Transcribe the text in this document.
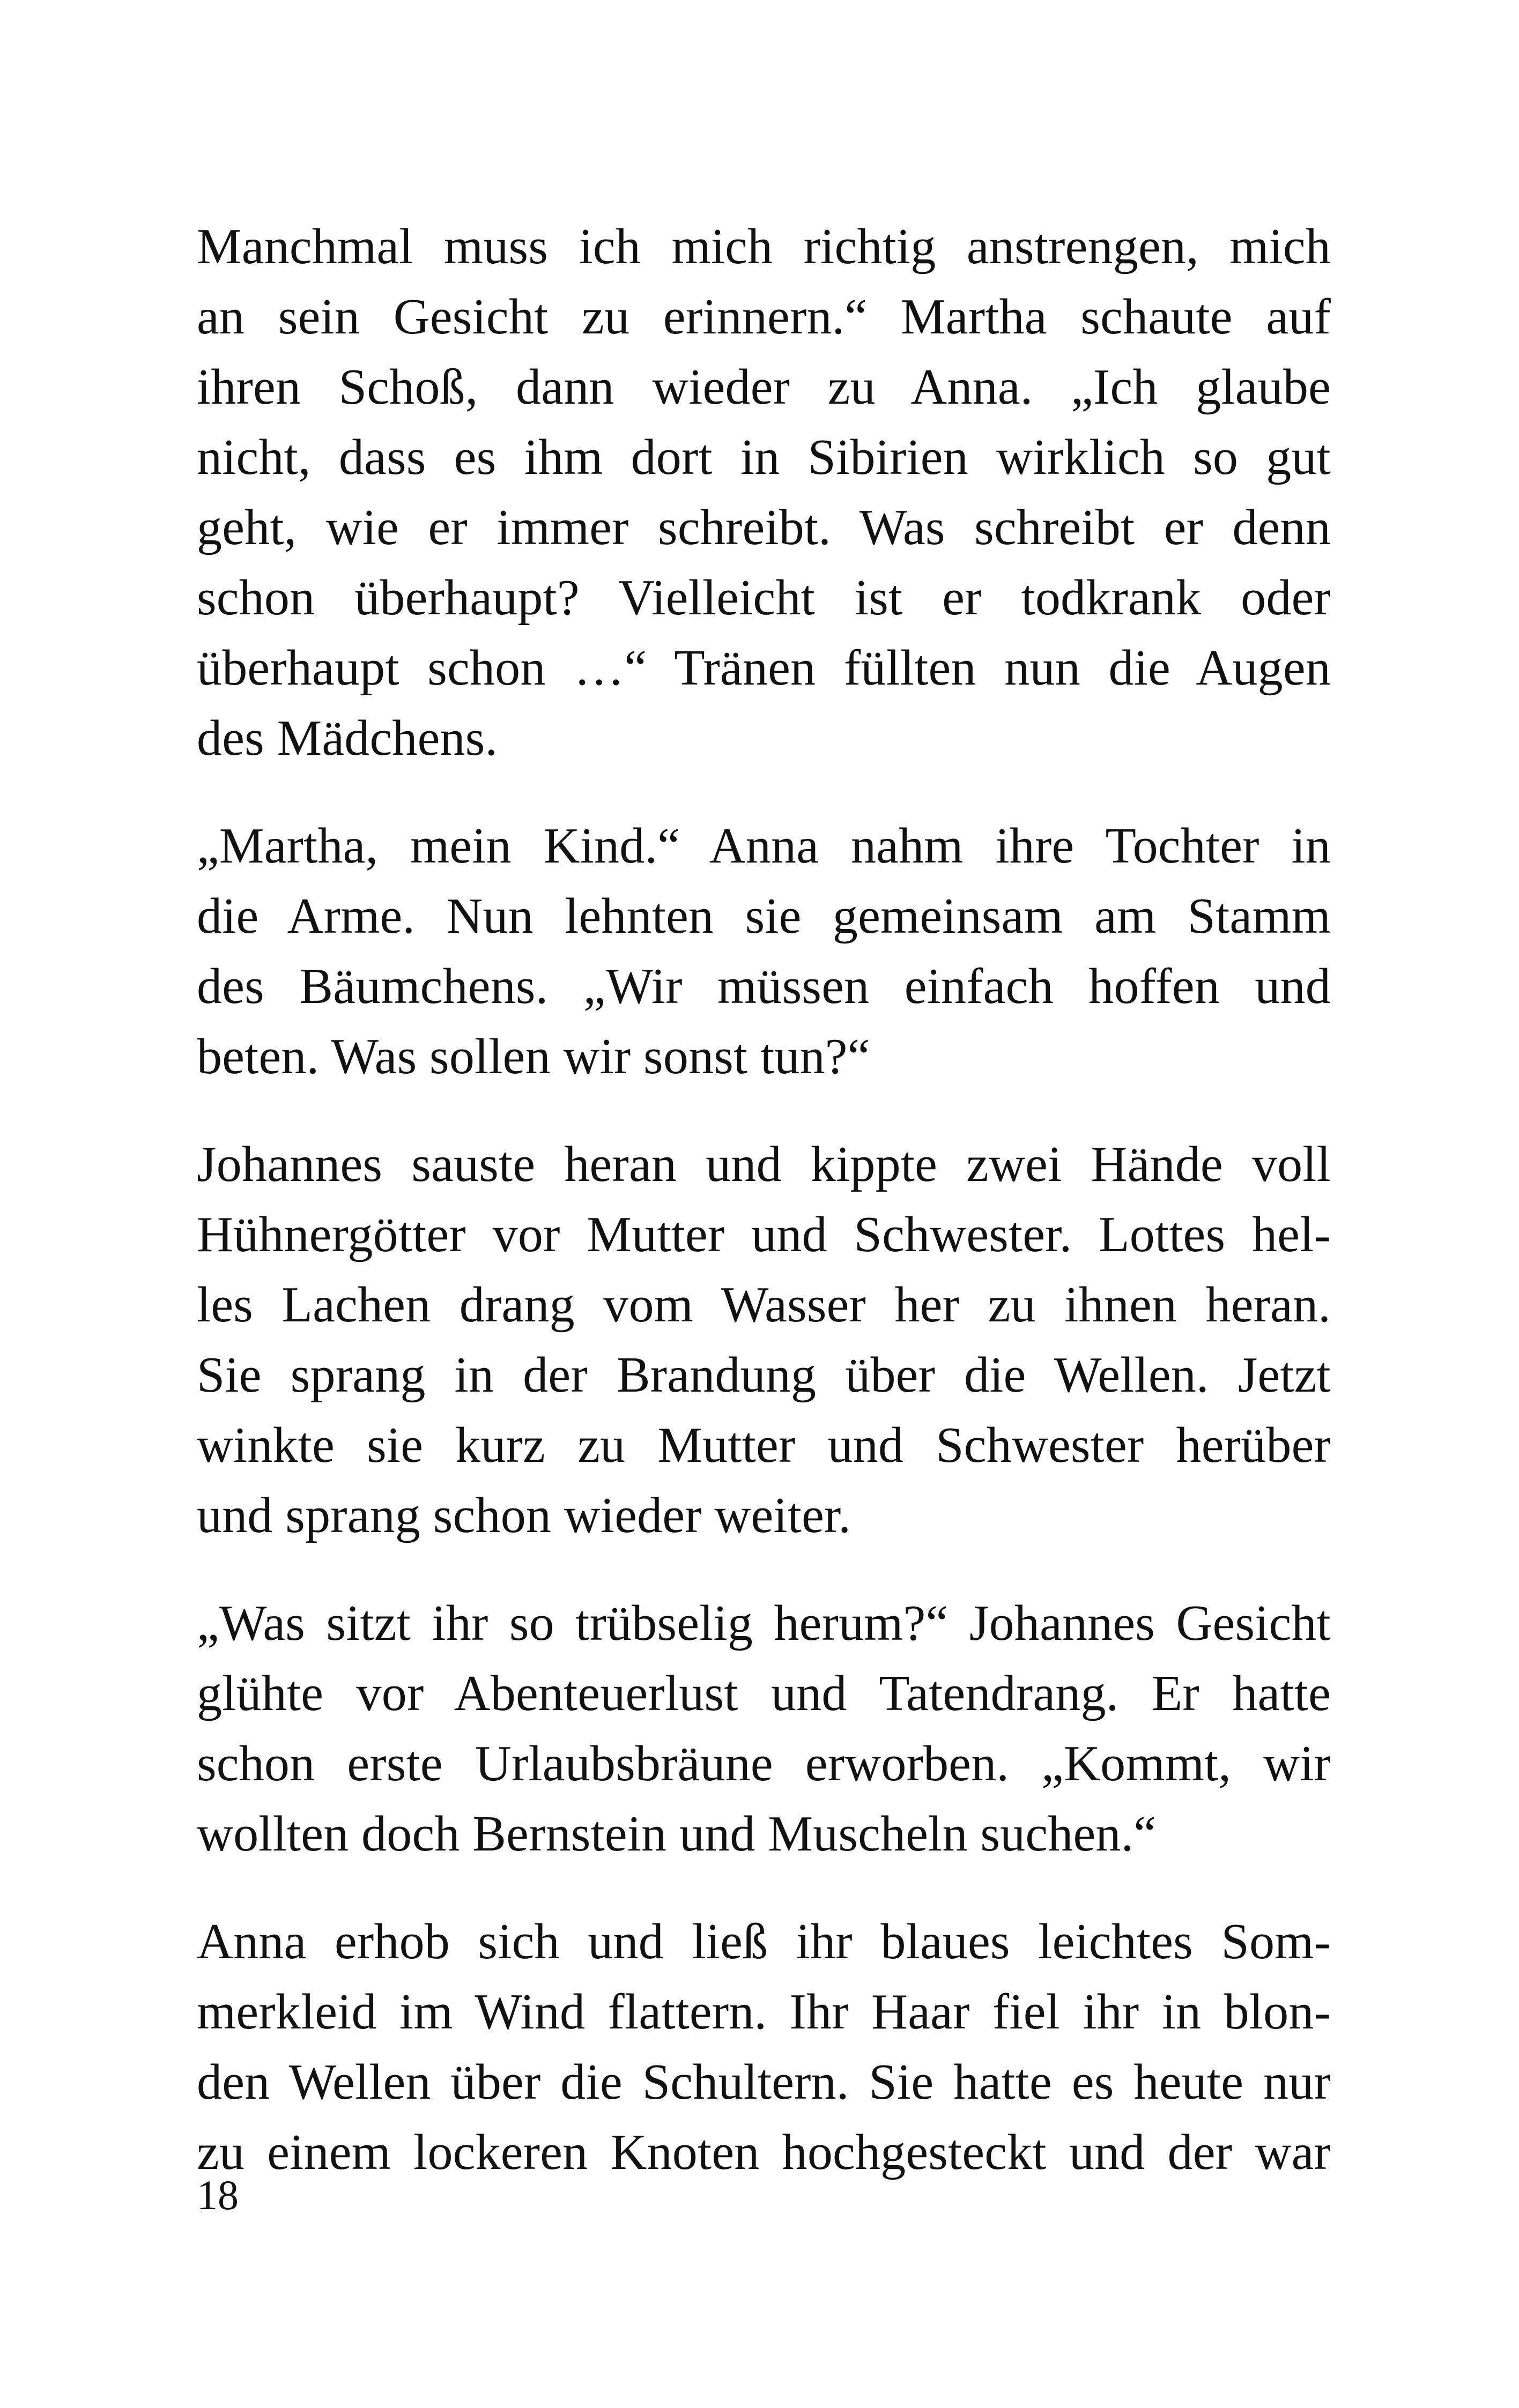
Manchmal muss ich mich richtig anstrengen, mich
an sein Gesicht zu erinnern.“ Martha schaute auf
ihren Schoß, dann wieder zu Anna. „Ich glaube
nicht, dass es ihm dort in Sibirien wirklich so gut
geht, wie er immer schreibt. Was schreibt er denn
schon überhaupt? Vielleicht ist er todkrank oder
überhaupt schon …“ Tränen füllten nun die Augen
des Mädchens.

„Martha, mein Kind.“ Anna nahm ihre Tochter in
die Arme. Nun lehnten sie gemeinsam am Stamm
des Bäumchens. „Wir müssen einfach hoffen und
beten. Was sollen wir sonst tun?“

Johannes sauste heran und kippte zwei Hände voll
Hühnergötter vor Mutter und Schwester. Lottes hel-
les Lachen drang vom Wasser her zu ihnen heran.
Sie sprang in der Brandung über die Wellen. Jetzt
winkte sie kurz zu Mutter und Schwester herüber
und sprang schon wieder weiter.

„Was sitzt ihr so trübselig herum?“ Johannes Gesicht
glühte vor Abenteuerlust und Tatendrang. Er hatte
schon erste Urlaubsbräune erworben. „Kommt, wir
wollten doch Bernstein und Muscheln suchen.“

Anna erhob sich und ließ ihr blaues leichtes Som-
merkleid im Wind flattern. Ihr Haar fiel ihr in blon-
den Wellen über die Schultern. Sie hatte es heute nur
zu einem lockeren Knoten hochgesteckt und der war

18
